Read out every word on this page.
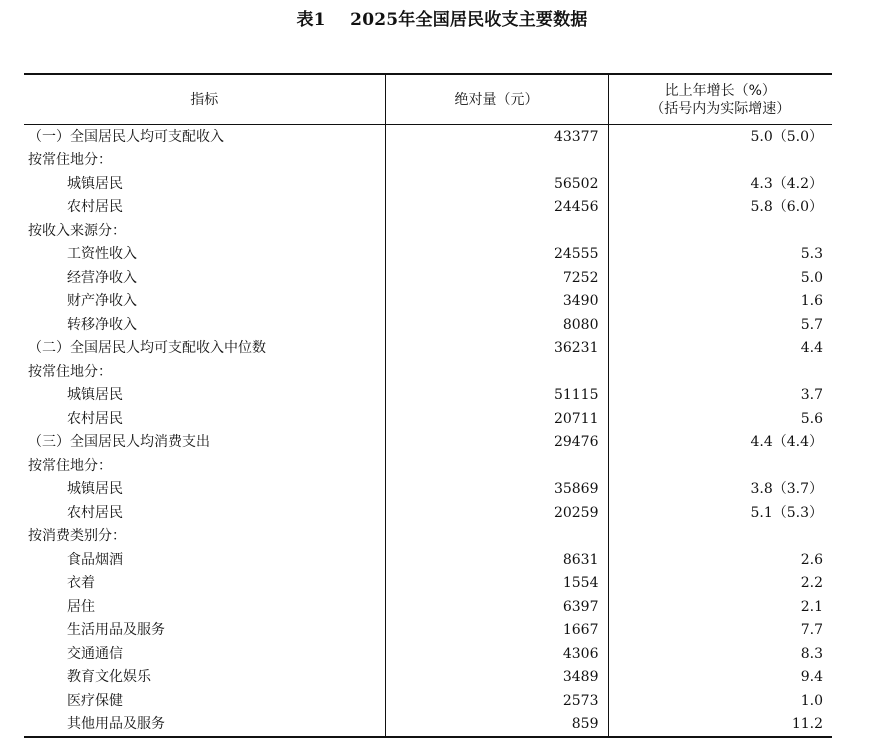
表1    2025年全国居民收支主要数据
指标	绝对量（元）	比上年增长（%）
（括号内为实际增速）

（一）全国居民人均可支配收入	43377	5.0（5.0）
按常住地分：		
城镇居民	56502	4.3（4.2）
农村居民	24456	5.8（6.0）
按收入来源分：		
工资性收入	24555	5.3
经营净收入	7252	5.0
财产净收入	3490	1.6
转移净收入	8080	5.7
（二）全国居民人均可支配收入中位数	36231	4.4
按常住地分：		
城镇居民	51115	3.7
农村居民	20711	5.6
（三）全国居民人均消费支出	29476	4.4（4.4）
按常住地分：		
城镇居民	35869	3.8（3.7）
农村居民	20259	5.1（5.3）
按消费类别分：		
食品烟酒	8631	2.6
衣着	1554	2.2
居住	6397	2.1
生活用品及服务	1667	7.7
交通通信	4306	8.3
教育文化娱乐	3489	9.4
医疗保健	2573	1.0
其他用品及服务	859	11.2
